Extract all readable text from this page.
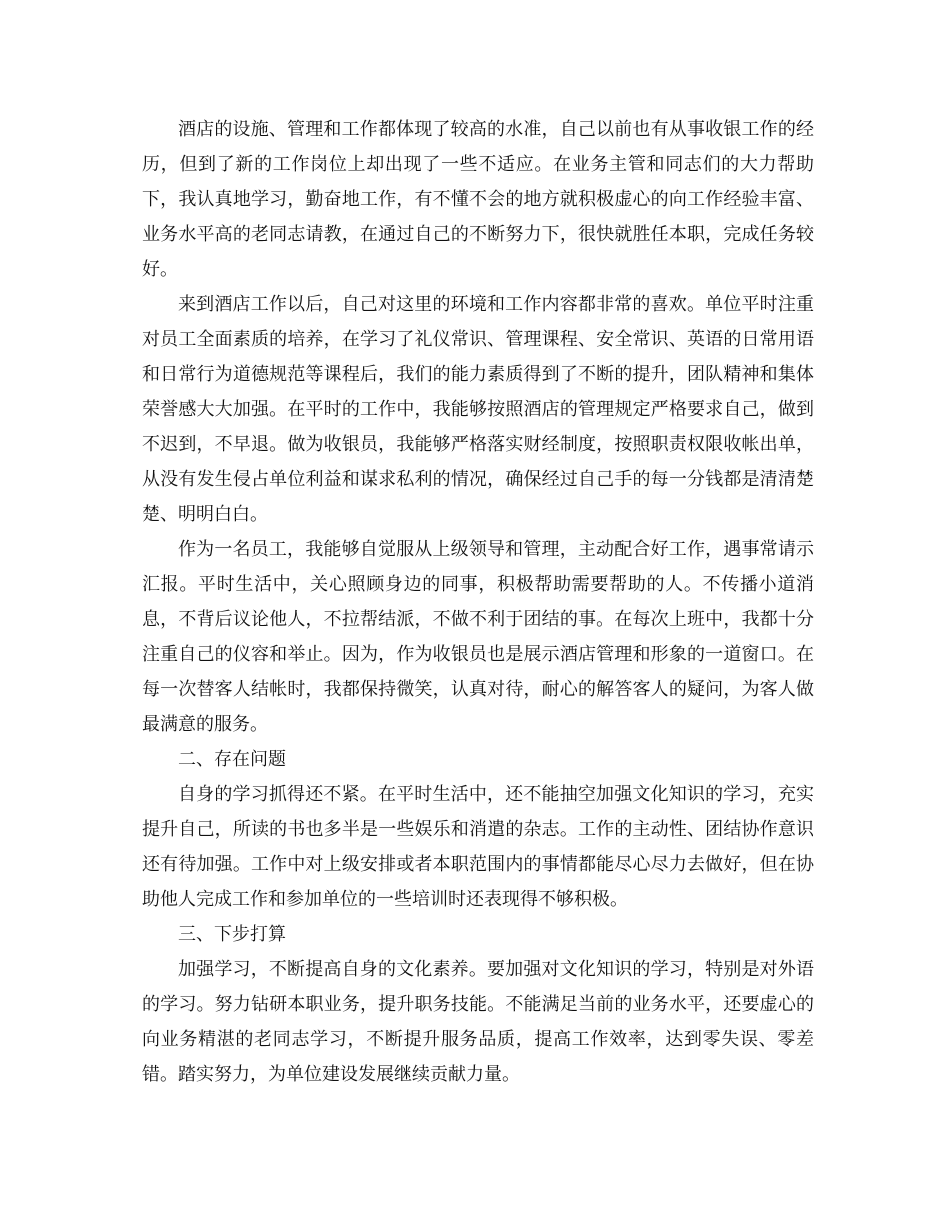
酒店的设施、管理和工作都体现了较高的水准，自己以前也有从事收银工作的经历，但到了新的工作岗位上却出现了一些不适应。在业务主管和同志们的大力帮助下，我认真地学习，勤奋地工作，有不懂不会的地方就积极虚心的向工作经验丰富、业务水平高的老同志请教，在通过自己的不断努力下，很快就胜任本职，完成任务较好。

来到酒店工作以后，自己对这里的环境和工作内容都非常的喜欢。单位平时注重对员工全面素质的培养，在学习了礼仪常识、管理课程、安全常识、英语的日常用语和日常行为道德规范等课程后，我们的能力素质得到了不断的提升，团队精神和集体荣誉感大大加强。在平时的工作中，我能够按照酒店的管理规定严格要求自己，做到不迟到，不早退。做为收银员，我能够严格落实财经制度，按照职责权限收帐出单，从没有发生侵占单位利益和谋求私利的情况，确保经过自己手的每一分钱都是清清楚楚、明明白白。

作为一名员工，我能够自觉服从上级领导和管理，主动配合好工作，遇事常请示汇报。平时生活中，关心照顾身边的同事，积极帮助需要帮助的人。不传播小道消息，不背后议论他人，不拉帮结派，不做不利于团结的事。在每次上班中，我都十分注重自己的仪容和举止。因为，作为收银员也是展示酒店管理和形象的一道窗口。在每一次替客人结帐时，我都保持微笑，认真对待，耐心的解答客人的疑问，为客人做最满意的服务。

二、存在问题

自身的学习抓得还不紧。在平时生活中，还不能抽空加强文化知识的学习，充实提升自己，所读的书也多半是一些娱乐和消遣的杂志。工作的主动性、团结协作意识还有待加强。工作中对上级安排或者本职范围内的事情都能尽心尽力去做好，但在协助他人完成工作和参加单位的一些培训时还表现得不够积极。

三、下步打算

加强学习，不断提高自身的文化素养。要加强对文化知识的学习，特别是对外语的学习。努力钻研本职业务，提升职务技能。不能满足当前的业务水平，还要虚心的向业务精湛的老同志学习，不断提升服务品质，提高工作效率，达到零失误、零差错。踏实努力，为单位建设发展继续贡献力量。
